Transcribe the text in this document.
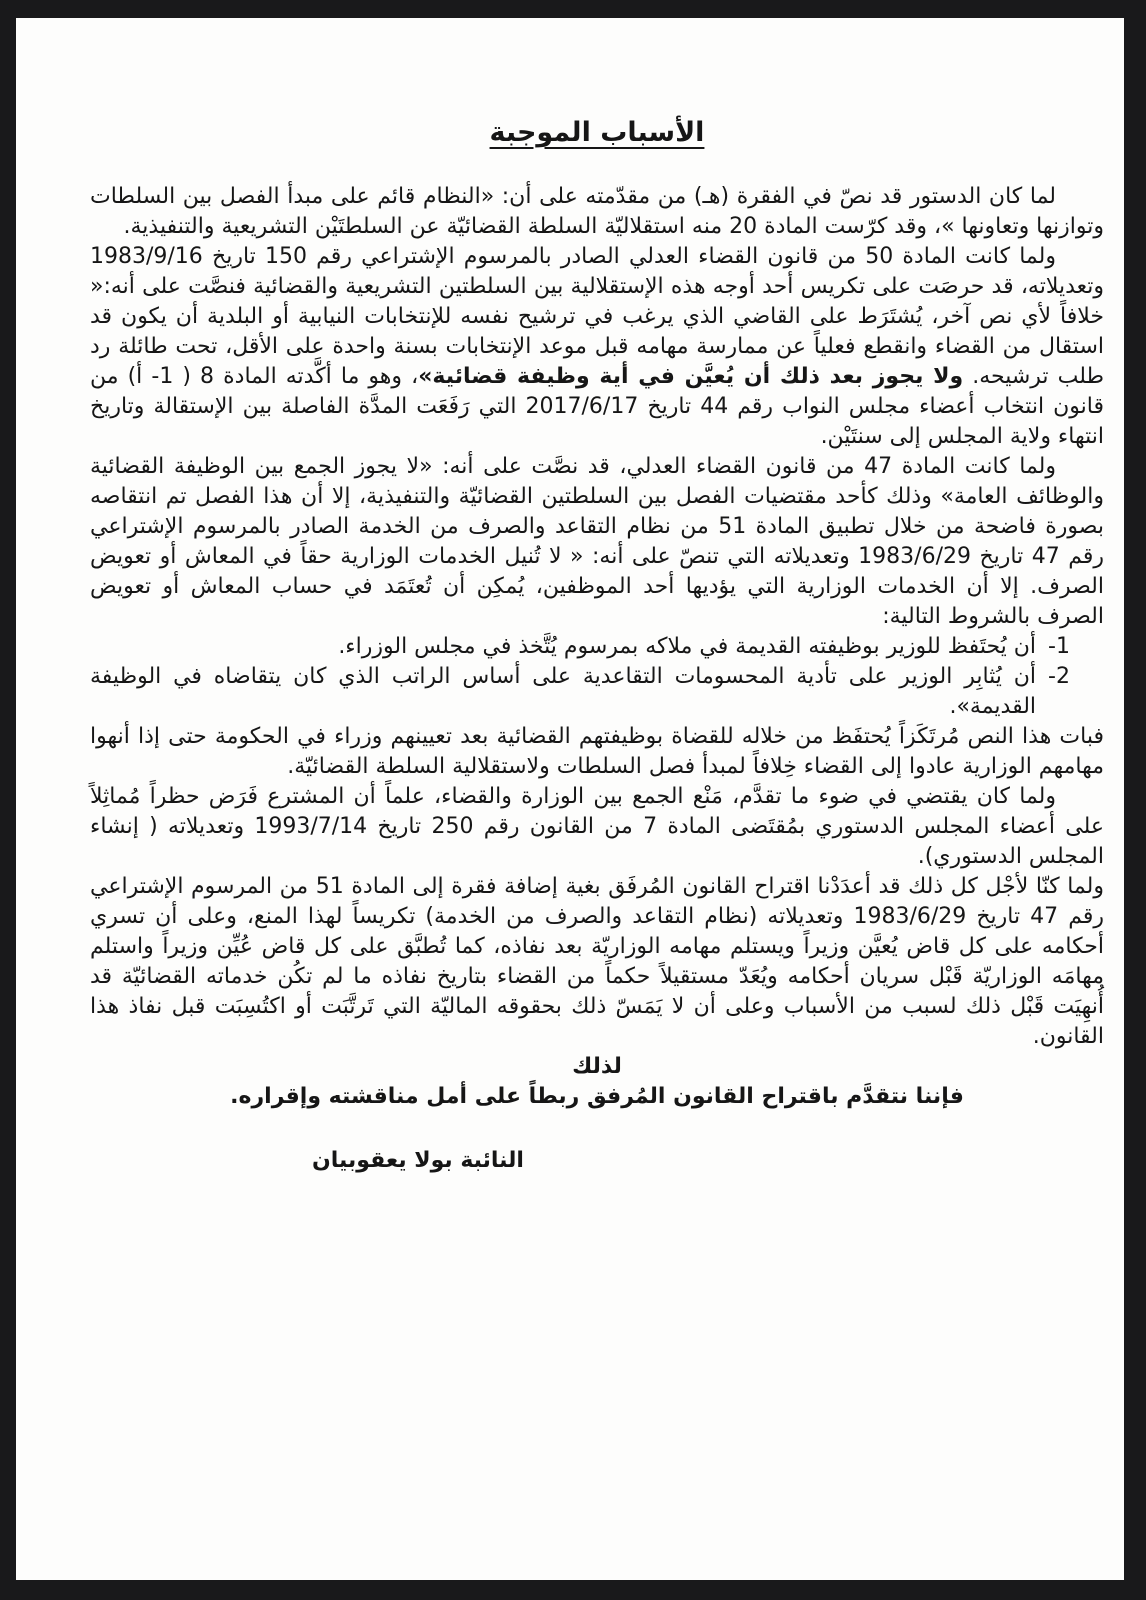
الأسباب الموجبة

لما كان الدستور قد نصّ في الفقرة (هـ) من مقدّمته على أن: «النظام قائم على مبدأ الفصل بين السلطات وتوازنها وتعاونها »، وقد كرّست المادة 20 منه استقلاليّة السلطة القضائيّة عن السلطتَيْن التشريعية والتنفيذية.

ولما كانت المادة 50 من قانون القضاء العدلي الصادر بالمرسوم الإشتراعي رقم 150 تاريخ 1983/9/16 وتعديلاته، قد حرصَت على تكريس أحد أوجه هذه الإستقلالية بين السلطتين التشريعية والقضائية فنصَّت على أنه:« خلافاً لأي نص آخر، يُشتَرَط على القاضي الذي يرغب في ترشيح نفسه للإنتخابات النيابية أو البلدية أن يكون قد استقال من القضاء وانقطع فعلياً عن ممارسة مهامه قبل موعد الإنتخابات بسنة واحدة على الأقل، تحت طائلة رد طلب ترشيحه. ولا يجوز بعد ذلك أن يُعيَّن في أية وظيفة قضائية»، وهو ما أكَّدته المادة 8 ( 1- أ) من قانون انتخاب أعضاء مجلس النواب رقم 44 تاريخ 2017/6/17 التي رَفَعَت المدَّة الفاصلة بين الإستقالة وتاريخ انتهاء ولاية المجلس إلى سنتَيْن.

ولما كانت المادة 47 من قانون القضاء العدلي، قد نصَّت على أنه: «لا يجوز الجمع بين الوظيفة القضائية والوظائف العامة» وذلك كأحد مقتضيات الفصل بين السلطتين القضائيّة والتنفيذية، إلا أن هذا الفصل تم انتقاصه بصورة فاضحة من خلال تطبيق المادة 51 من نظام التقاعد والصرف من الخدمة الصادر بالمرسوم الإشتراعي رقم 47 تاريخ 1983/6/29 وتعديلاته التي تنصّ على أنه: « لا تُنيل الخدمات الوزارية حقاً في المعاش أو تعويض الصرف. إلا أن الخدمات الوزارية التي يؤديها أحد الموظفين، يُمكِن أن تُعتَمَد في حساب المعاش أو تعويض الصرف بالشروط التالية:

1-
أن يُحتَفظ للوزير بوظيفته القديمة في ملاكه بمرسوم يُتَّخذ في مجلس الوزراء.
2-
أن يُثابِر الوزير على تأدية المحسومات التقاعدية على أساس الراتب الذي كان يتقاضاه في الوظيفة القديمة».

فبات هذا النص مُرتَكَزاً يُحتفَظ من خلاله للقضاة بوظيفتهم القضائية بعد تعيينهم وزراء في الحكومة حتى إذا أنهوا مهامهم الوزارية عادوا إلى القضاء خِلافاً لمبدأ فصل السلطات ولاستقلالية السلطة القضائيّة.

ولما كان يقتضي في ضوء ما تقدَّم، مَنْع الجمع بين الوزارة والقضاء، علماً أن المشترع فَرَض حظراً مُماثِلاً على أعضاء المجلس الدستوري بمُقتَضى المادة 7 من القانون رقم 250 تاريخ 1993/7/14 وتعديلاته ( إنشاء المجلس الدستوري).

ولما كنّا لأجْل كل ذلك قد أعدَدْنا اقتراح القانون المُرفَق بغية إضافة فقرة إلى المادة 51 من المرسوم الإشتراعي رقم 47 تاريخ 1983/6/29 وتعديلاته (نظام التقاعد والصرف من الخدمة) تكريساً لهذا المنع، وعلى أن تسري أحكامه على كل قاض يُعيَّن وزيراً ويستلم مهامه الوزاريّة بعد نفاذه، كما تُطبَّق على كل قاض عُيِّن وزيراً واستلم مهامَه الوزاريّة قَبْل سريان أحكامه ويُعَدّ مستقيلاً حكماً من القضاء بتاريخ نفاذه ما لم تكُن خدماته القضائيّة قد أُنهِيَت قَبْل ذلك لسبب من الأسباب وعلى أن لا يَمَسّ ذلك بحقوقه الماليّة التي تَرتَّبَت أو اكتُسِبَت قبل نفاذ هذا القانون.

لذلك

فإننا نتقدَّم باقتراح القانون المُرفق ربطاً على أمل مناقشته وإقراره.

النائبة بولا يعقوبيان
